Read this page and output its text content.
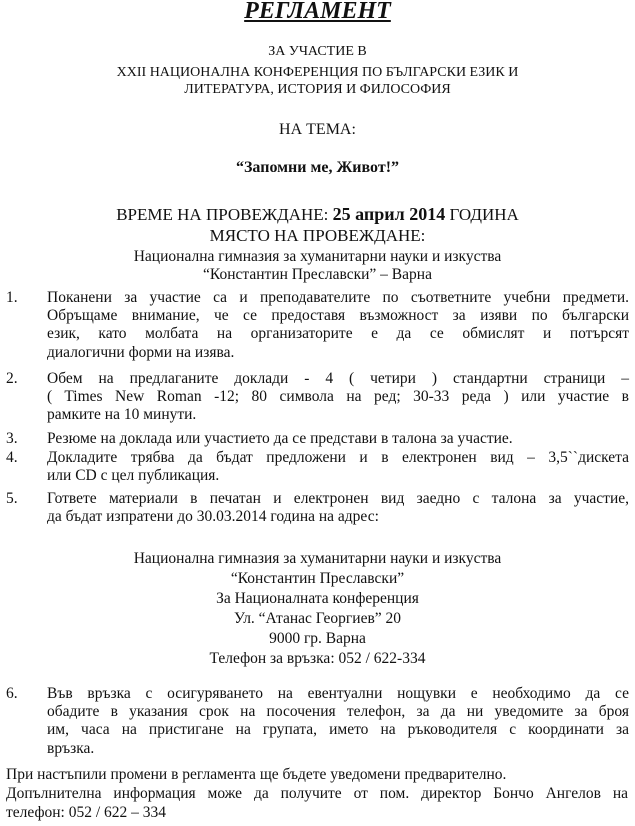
РЕГЛАМЕНТ
ЗА УЧАСТИЕ В
XXII НАЦИОНАЛНА КОНФЕРЕНЦИЯ ПО БЪЛГАРСКИ ЕЗИК И
ЛИТЕРАТУРА, ИСТОРИЯ И ФИЛОСОФИЯ
НА ТЕМА:
“Запомни ме, Живот!”
ВРЕМЕ НА ПРОВЕЖДАНЕ: 25 април 2014 ГОДИНА
МЯСТО НА ПРОВЕЖДАНЕ:
Национална гимназия за хуманитарни науки и изкуства
“Константин Преславски” – Варна
1. Поканени за участие са и преподавателите по съответните учебни предмети.
Обръщаме внимание, че се предоставя възможност за изяви по български
език, като молбата на организаторите е да се обмислят и потърсят
диалогични форми на изява.
2. Обем на предлаганите доклади - 4 ( четири ) стандартни страници –
( Times New Roman -12; 80 символа на ред; 30-33 реда ) или участие в
рамките на 10 минути.
3. Резюме на доклада или участието да се представи в талона за участие.
4. Докладите трябва да бъдат предложени и в електронен вид – 3,5``дискета
или CD с цел публикация.
5. Гответе материали в печатан и електронен вид заедно с талона за участие,
да бъдат изпратени до 30.03.2014 година на адрес:
Национална гимназия за хуманитарни науки и изкуства
“Константин Преславски”
За Националната конференция
Ул. “Атанас Георгиев” 20
9000 гр. Варна
Телефон за връзка: 052 / 622-334
6. Във връзка с осигуряването на евентуални нощувки е необходимо да се
обадите в указания срок на посочения телефон, за да ни уведомите за броя
им, часа на пристигане на групата, името на ръководителя с координати за
връзка.
При настъпили промени в регламента ще бъдете уведомени предварително.
Допълнителна информация може да получите от пом. директор Бончо Ангелов на
телефон: 052 / 622 – 334
